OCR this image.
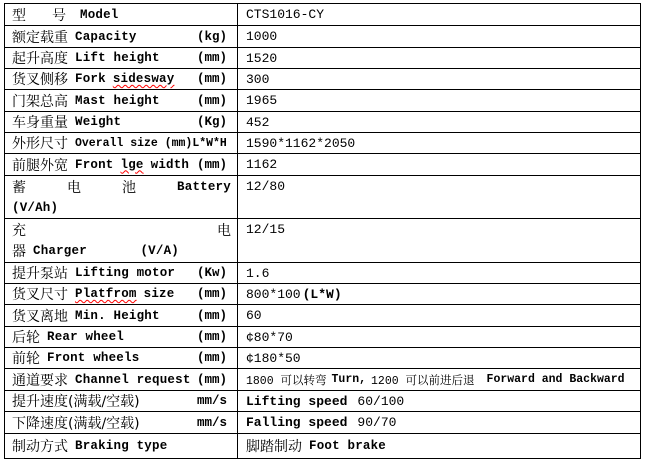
型 号 Model	CTS1016-CY

额定载重 Capacity (kg)	1000

起升高度 Lift height (mm)	1520

货叉侧移 Fork sidesway (mm)	300

门架总高 Mast height (mm)	1965

车身重量 Weight (Kg)	452

外形尺寸 Overall size (mm)L*W*H	1590*1162*2050

前腿外宽 Front lge width (mm)	1162

蓄 电 池 Battery
(V/Ah)	12/80

充 电
器 Charger (V/A)	12/15

提升泵站 Lifting motor (Kw)	1.6

货叉尺寸 Platfrom size (mm)	800*100 (L*W)

货叉离地 Min. Height (mm)	60

后轮 Rear wheel (mm)	¢80*70

前轮 Front wheels (mm)	¢180*50

通道要求 Channel request (mm)	1800 可以转弯 Turn, 1200 可以前进后退 Forward and Backward

提升速度(满载/空载) mm/s	Lifting speed 60/100

下降速度(满载/空载) mm/s	Falling speed 90/70

制动方式 Braking type	脚踏制动 Foot brake
